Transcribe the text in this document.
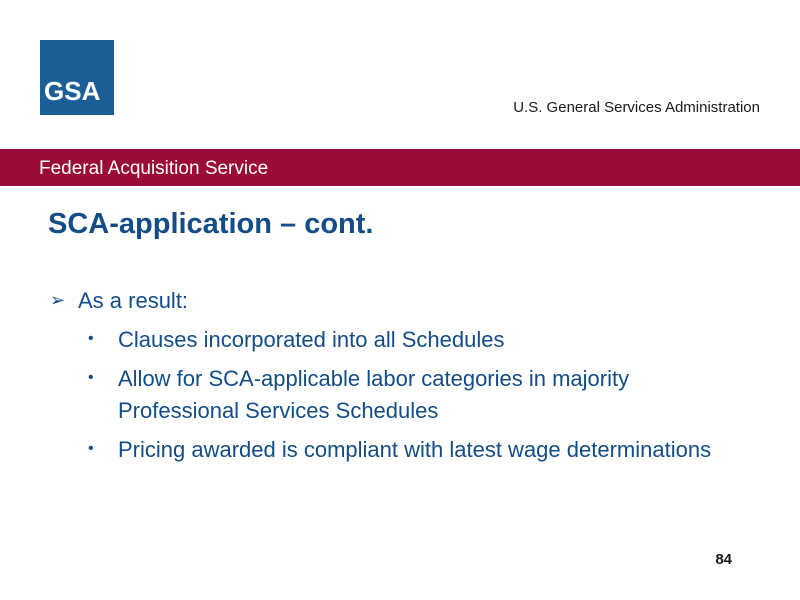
GSA
U.S. General Services Administration
Federal Acquisition Service
SCA-application – cont.
➢ As a result:
• Clauses incorporated into all Schedules
• Allow for SCA-applicable labor categories in majority Professional Services Schedules
• Pricing awarded is compliant with latest wage determinations
84
